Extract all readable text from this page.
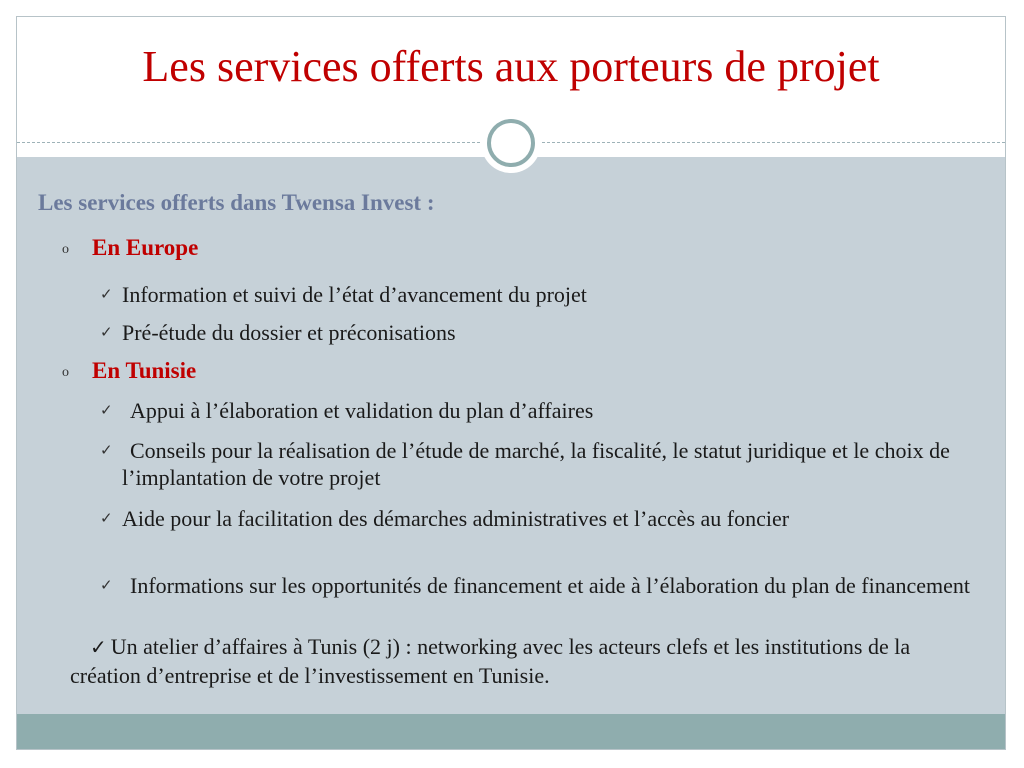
Les services offerts aux porteurs de projet
Les services offerts dans Twensa Invest :
o En Europe
✓ Information et suivi de l’état d’avancement du projet
✓ Pré-étude du dossier et préconisations
o En Tunisie
✓ Appui à l’élaboration et validation du plan d’affaires
✓ Conseils pour la réalisation de l’étude de marché, la fiscalité, le statut juridique et le choix de l’implantation de votre projet
✓ Aide pour la facilitation des démarches administratives et l’accès au foncier
✓ Informations sur les opportunités de financement et aide à l’élaboration du plan de financement
✓ Un atelier d’affaires à Tunis (2 j) : networking avec les acteurs clefs et les institutions de la création d’entreprise et de l’investissement en Tunisie.
